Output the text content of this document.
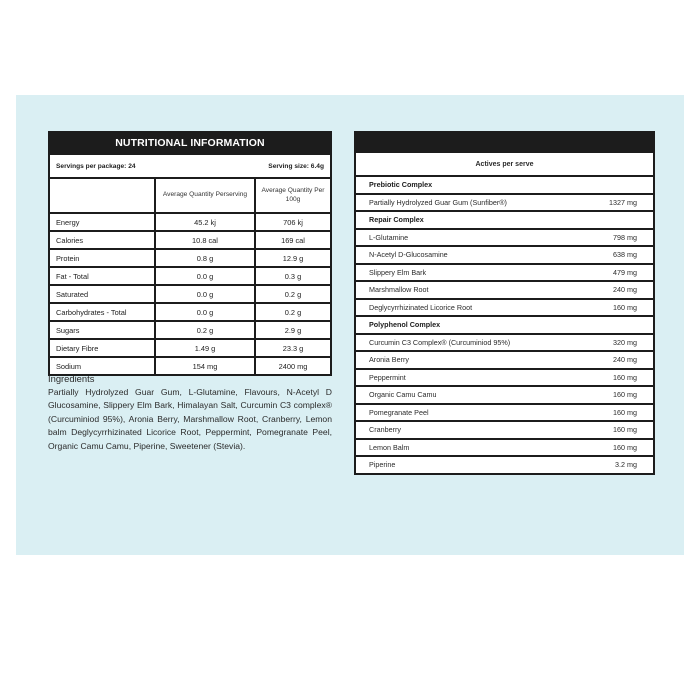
NUTRITIONAL INFORMATION
Servings per package: 24	Serving size: 6.4g
Average Quantity Perserving
Average Quantity Per 100g
Energy	45.2 kj	706 kj
Calories	10.8 cal	169 cal
Protein	0.8 g	12.9 g
Fat - Total	0.0 g	0.3 g
Saturated	0.0 g	0.2 g
Carbohydrates - Total	0.0 g	0.2 g
Sugars	0.2 g	2.9 g
Dietary Fibre	1.49 g	23.3 g
Sodium	154 mg	2400 mg
Ingredients
Partially Hydrolyzed Guar Gum, L-Glutamine, Flavours, N-Acetyl D Glucosamine, Slippery Elm Bark, Himalayan Salt, Curcumin C3 complex® (Curcuminiod 95%), Aronia Berry, Marshmallow Root, Cranberry, Lemon balm Deglycyrrhizinated Licorice Root, Peppermint, Pomegranate Peel, Organic Camu Camu, Piperine, Sweetener (Stevia).
Actives per serve
Prebiotic Complex
Partially Hydrolyzed Guar Gum (Sunfiber®)	1327 mg
Repair Complex
L-Glutamine	798 mg
N-Acetyl D-Glucosamine	638 mg
Slippery Elm Bark	479 mg
Marshmallow Root	240 mg
Deglycyrrhizinated Licorice Root	160 mg
Polyphenol Complex
Curcumin C3 Complex® (Curcuminiod 95%)	320 mg
Aronia Berry	240 mg
Peppermint	160 mg
Organic Camu Camu	160 mg
Pomegranate Peel	160 mg
Cranberry	160 mg
Lemon Balm	160 mg
Piperine	3.2 mg
